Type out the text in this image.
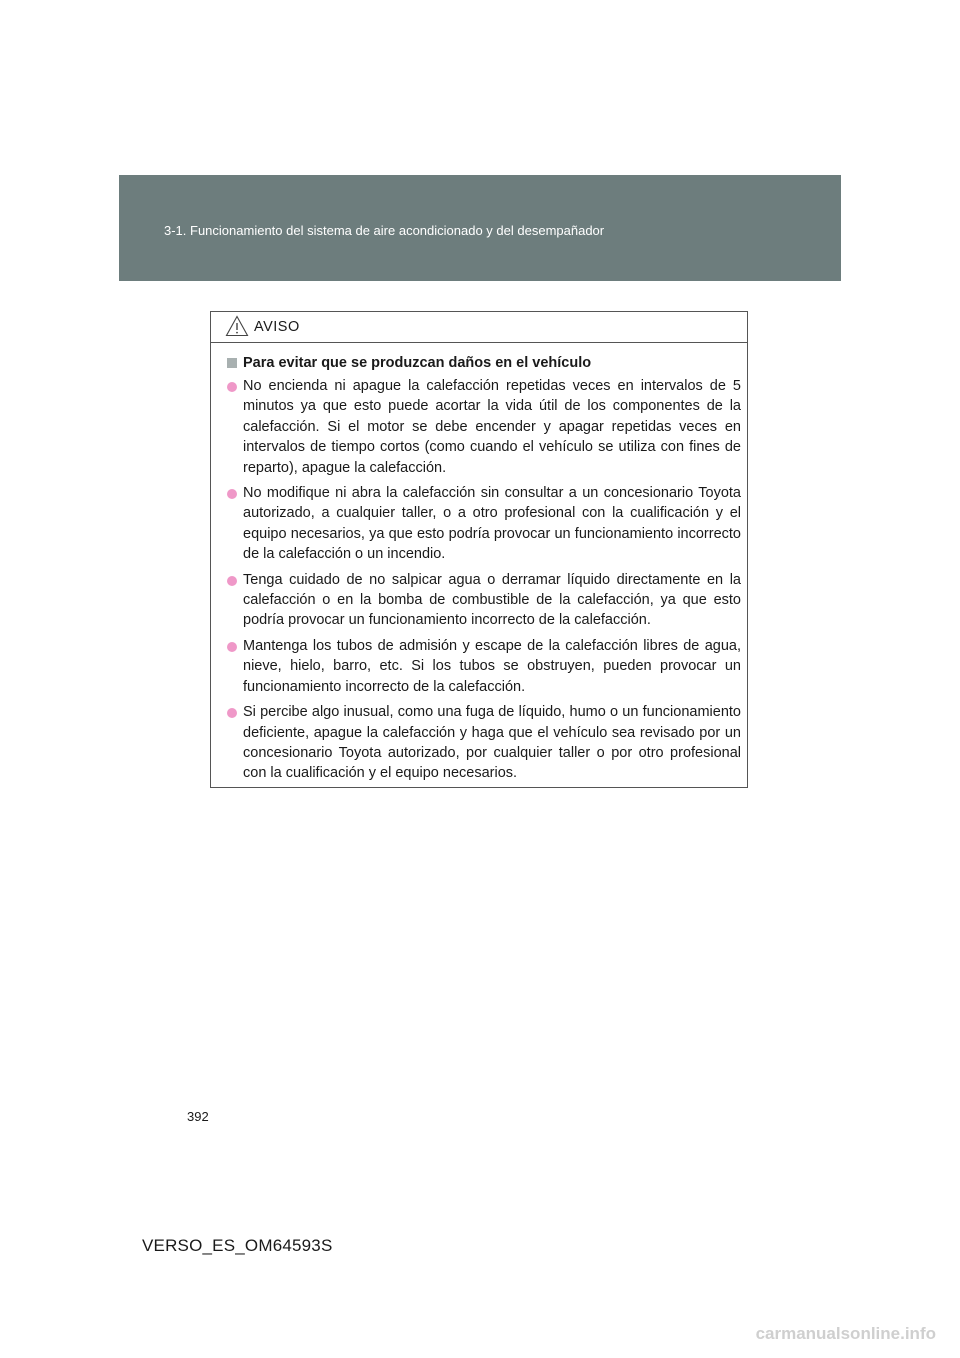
3-1. Funcionamiento del sistema de aire acondicionado y del desempañador
AVISO
Para evitar que se produzcan daños en el vehículo
No encienda ni apague la calefacción repetidas veces en intervalos de 5 minutos ya que esto puede acortar la vida útil de los componentes de la calefacción. Si el motor se debe encender y apagar repetidas veces en intervalos de tiempo cortos (como cuando el vehículo se utiliza con fines de reparto), apague la calefacción.
No modifique ni abra la calefacción sin consultar a un concesionario Toyota autorizado, a cualquier taller, o a otro profesional con la cualificación y el equipo necesarios, ya que esto podría provocar un funcionamiento incorrecto de la calefacción o un incendio.
Tenga cuidado de no salpicar agua o derramar líquido directamente en la calefacción o en la bomba de combustible de la calefacción, ya que esto podría provocar un funcionamiento incorrecto de la calefacción.
Mantenga los tubos de admisión y escape de la calefacción libres de agua, nieve, hielo, barro, etc. Si los tubos se obstruyen, pueden provocar un funcionamiento incorrecto de la calefacción.
Si percibe algo inusual, como una fuga de líquido, humo o un funcionamiento deficiente, apague la calefacción y haga que el vehículo sea revisado por un concesionario Toyota autorizado, por cualquier taller o por otro profesional con la cualificación y el equipo necesarios.
392
VERSO_ES_OM64593S
carmanualsonline.info
